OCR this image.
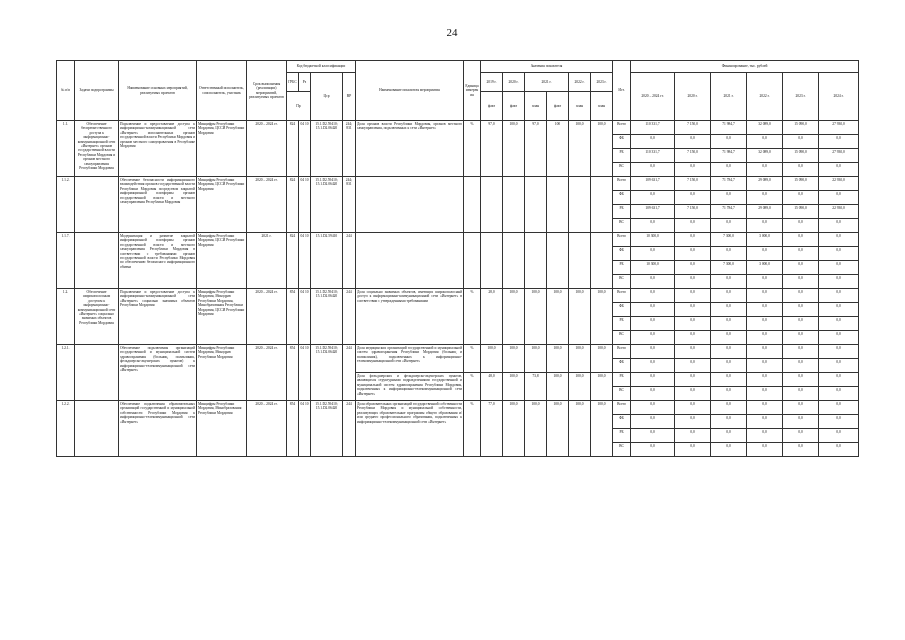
24
№ п/п	Задачи подпрограммы	Наименование основных мероприятий, реализуемых проектов	Ответственный исполнитель, соисполнитель, участник	Срок выполнения (реализации) мероприятий, реализуемых проектов	Код бюджетной классификации				Наименование показателя мероприятия	Единица измерения	Значения показателя						Ист.	Финансирование, тыс. рублей					
					ГРБС	Рз	Цср	ВР			2019 г.	2020 г.	2021 г.		2022 г.	2023 г.		2020 – 2024 гг.	2020 г.	2021 г.	2022 г.	2023 г.	2024 г.
					Пр						факт	факт	план	факт	план	план							
1.1.	Обеспечение беспрепятственного доступа к информационно-коммуникационной сети «Интернет» органов государственной власти Республики Мордовия и органов местного самоуправления Республики Мордовия	Подключение и предоставление доступа к информационно-коммуникационной сети «Интернет» исполнительных органов государственной власти Республики Мордовия и органов местного самоуправления в Республике Мордовия	Минцифры Республики Мордовия, ЦССИ Республики Мордовия	2020 – 2024 гг.	824	04 10	15.1.D2.59410; 15.1.D2.06420	244; 831	Доля органов власти Республики Мордовия, органов местного самоуправления, подключенных к сети «Интернет»	%	97,0	100,0	97,0	100	100,0	100,0	Всего	110 331,7	7 150,0	71 984,7	32 089,0	15 090,0	27 930,0
																	ФБ	0,0	0,0	0,0	0,0	0,0	0,0
																	РБ	110 331,7	7 150,0	71 984,7	32 089,0	15 090,0	27 930,0
																	ВС	0,0	0,0	0,0	0,0	0,0	0,0
1.1.2.		Обеспечение безопасности информационного взаимодействия органов государственной власти Республики Мордовия посредством закрытой информационной платформы органов государственной власти и местного самоуправления Республики Мордовия	Минцифры Республики Мордовия, ЦССИ Республики Мордовия	2020 – 2024 гг.	824	04 10	15.1.D2.59410; 15.1.D2.06420	244; 831									Всего	109 631,7	7 150,0	71 784,7	29 089,0	15 090,0	22 930,0
																	ФБ	0,0	0,0	0,0	0,0	0,0	0,0
																	РБ	109 631,7	7 150,0	71 784,7	29 089,0	15 090,0	22 930,0
																	ВС	0,0	0,0	0,0	0,0	0,0	0,0
1.1.7.		Модернизация и развитие закрытой информационной платформы органов государственной власти и местного самоуправления Республики Мордовия в соответствии с требованиями органов государственной власти Республики Мордовия по обеспечению безопасного информационного обмена	Минцифры Республики Мордовия, ЦССИ Республики Мордовия	2021 г.	824	04 10	15.1.D2.59410	244									Всего	10 300,0	0,0	7 300,0	3 000,0	0,0	0,0
																	ФБ	0,0	0,0	0,0	0,0	0,0	0,0
																	РБ	10 300,0	0,0	7 300,0	3 000,0	0,0	0,0
																	ВС	0,0	0,0	0,0	0,0	0,0	0,0
1.2.	Обеспечение широкополосным доступом к информационно-коммуникационной сети «Интернет» социально значимых объектов Республики Мордовия	Подключение и предоставление доступа к информационно-коммуникационной сети «Интернет» социально значимых объектов Республики Мордовия	Минцифры Республики Мордовия, Минздрав Республики Мордовия, Минобразования Республики Мордовия, ЦССИ Республики Мордовия	2020 – 2024 гг.	854	04 10	15.1.D2.59410; 15.1.D2.06420	244	Доля социально значимых объектов, имеющих широкополосный доступ к информационно-коммуникационной сети «Интернет» в соответствии с утвержденными требованиями	%	28,0	100,0	100,0	100,0	100,0	100,0	Всего	0,0	0,0	0,0	0,0	0,0	0,0
																	ФБ	0,0	0,0	0,0	0,0	0,0	0,0
																	РБ	0,0	0,0	0,0	0,0	0,0	0,0
																	ВС	0,0	0,0	0,0	0,0	0,0	0,0
1.2.1.		Обеспечение подключения организаций государственной и муниципальной систем здравоохранения (больниц, поликлиник, фельдшерско-акушерских пунктов) к информационно-телекоммуникационной сети «Интернет»	Минцифры Республики Мордовия, Минздрав Республики Мордовия	2020 – 2024 гг.	854	04 10	15.1.D2.59410; 15.1.D2.06420	244	Доля медицинских организаций государственной и муниципальной систем здравоохранения Республики Мордовия (больниц и поликлиник), подключенных к информационно-телекоммуникационной сети «Интернет»	%	100,0	100,0	100,0	100,0	100,0	100,0	Всего	0,0	0,0	0,0	0,0	0,0	0,0
																	ФБ	0,0	0,0	0,0	0,0	0,0	0,0
									Доля фельдшерских и фельдшерско-акушерских пунктов, являющихся структурными подразделениями государственной и муниципальной систем здравоохранения Республики Мордовия, подключенных к информационно-телекоммуникационной сети «Интернет»	%	48,0	100,0	73,8	100,0	100,0	100,0	РБ	0,0	0,0	0,0	0,0	0,0	0,0
																	ВС	0,0	0,0	0,0	0,0	0,0	0,0
1.2.2.		Обеспечение подключения образовательных организаций государственной и муниципальной собственности Республики Мордовия к информационно-телекоммуникационной сети «Интернет»	Минцифры Республики Мордовия, Минобразования Республики Мордовия	2020 – 2024 гг.	854	04 10	15.1.D2.59410; 15.1.D2.06420	244	Доля образовательных организаций государственной собственности Республики Мордовия и муниципальной собственности, реализующих образовательные программы общего образования и/или среднего профессионального образования, подключенных к информационно-телекоммуникационной сети «Интернет»	%	77,0	100,0	100,0	100,0	100,0	100,0	Всего	0,0	0,0	0,0	0,0	0,0	0,0
																	ФБ	0,0	0,0	0,0	0,0	0,0	0,0
																	РБ	0,0	0,0	0,0	0,0	0,0	0,0
																	ВС	0,0	0,0	0,0	0,0	0,0	0,0
